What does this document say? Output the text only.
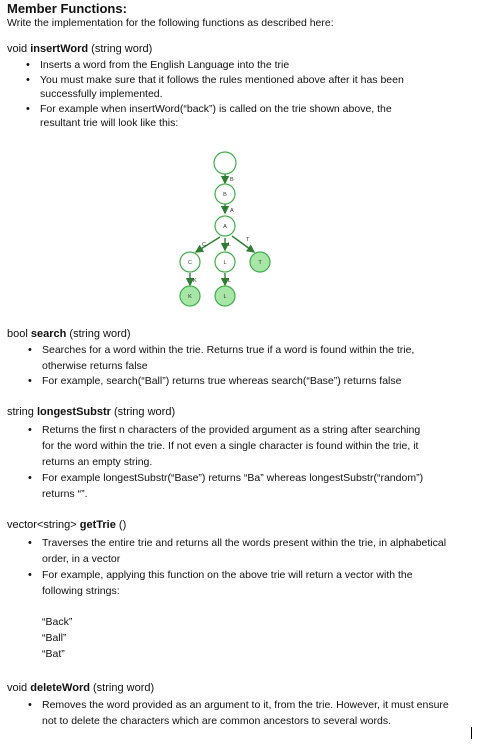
Member Functions:
Write the implementation for the following functions as described here:
void insertWord (string word)
• Inserts a word from the English Language into the trie
• You must make sure that it follows the rules mentioned above after it has been successfully implemented.
• For example when insertWord(“back”) is called on the trie shown above, the resultant trie will look like this:
B
A
C	L
T
K	L
B
A
C	L	T
K	L
bool search (string word)
• Searches for a word within the trie. Returns true if a word is found within the trie, otherwise returns false
• For example, search(“Ball”) returns true whereas search(“Base”) returns false
string longestSubstr (string word)
• Returns the first n characters of the provided argument as a string after searching for the word within the trie. If not even a single character is found within the trie, it returns an empty string.
• For example longestSubstr(“Base”) returns “Ba” whereas longestSubstr(“random”) returns “”.
vector<string> getTrie ()
• Traverses the entire trie and returns all the words present within the trie, in alphabetical order, in a vector
• For example, applying this function on the above trie will return a vector with the following strings:
“Back”
“Ball”
“Bat”
void deleteWord (string word)
• Removes the word provided as an argument to it, from the trie. However, it must ensure not to delete the characters which are common ancestors to several words.
